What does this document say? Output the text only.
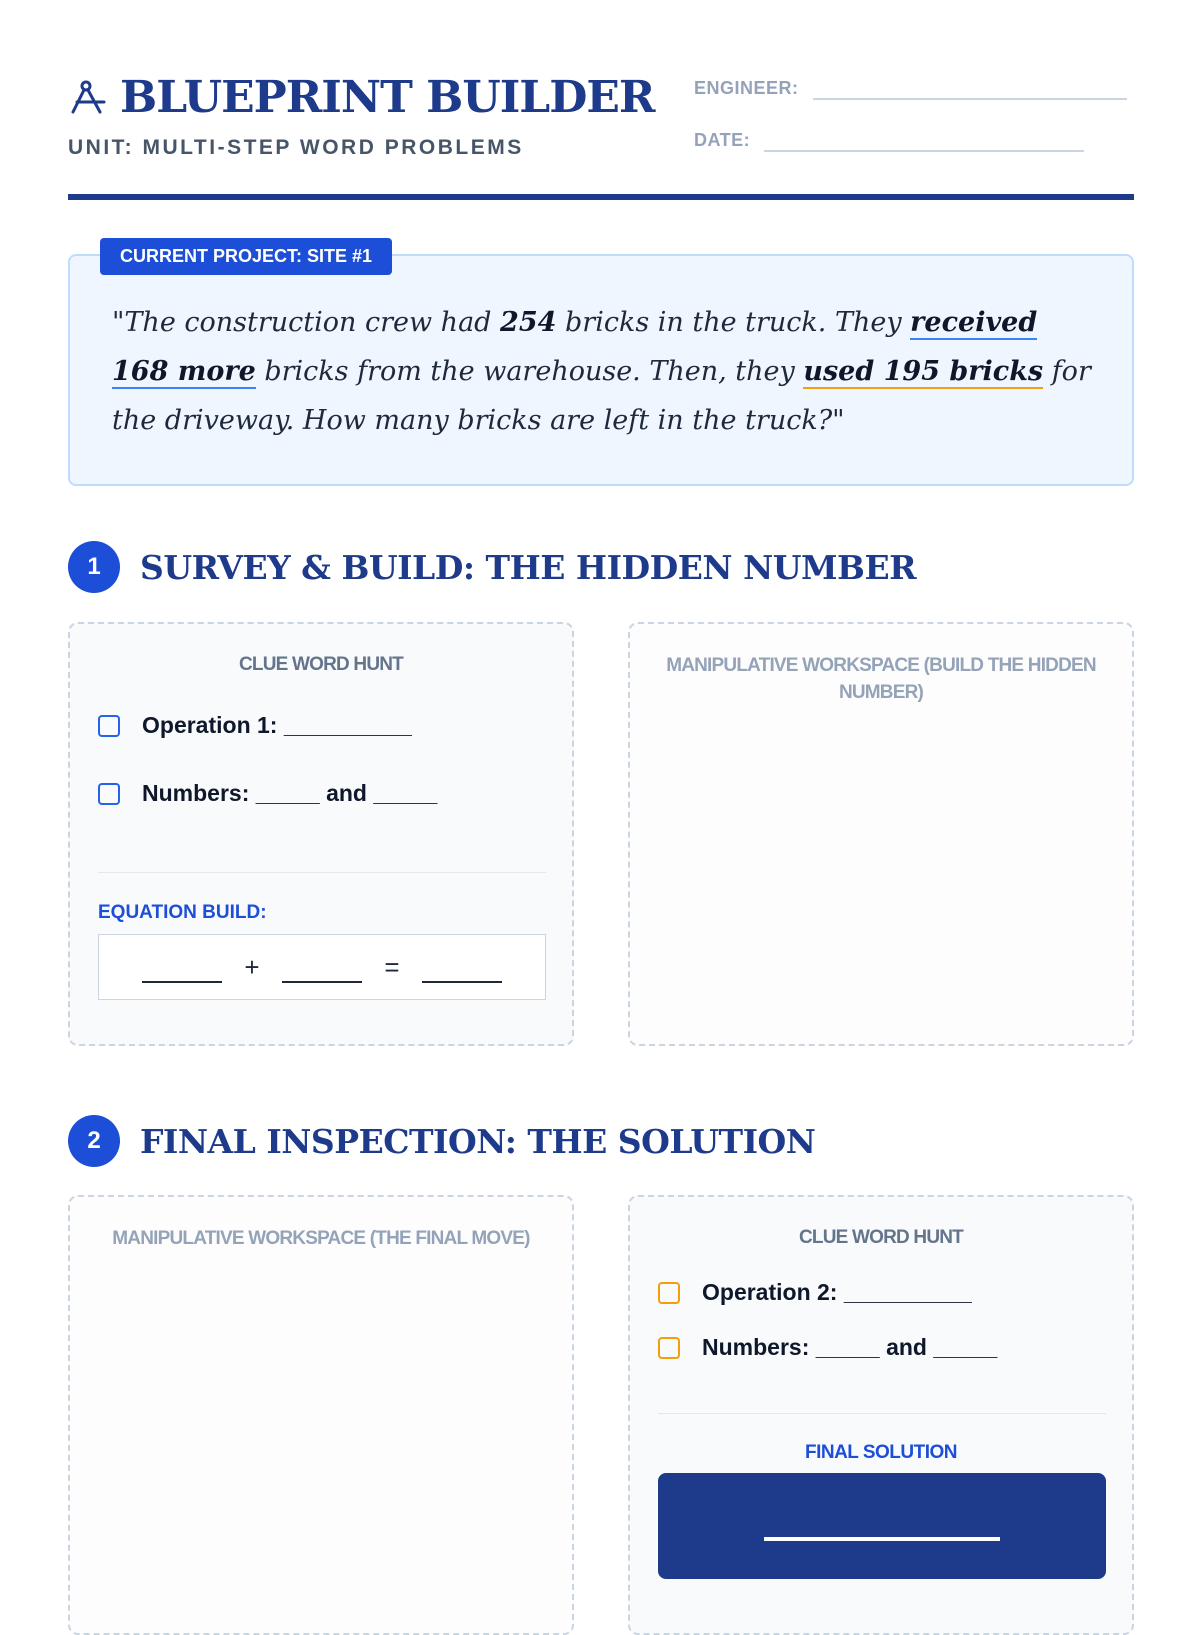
BLUEPRINT BUILDER
UNIT: MULTI-STEP WORD PROBLEMS
ENGINEER:
DATE:
CURRENT PROJECT: SITE #1
"The construction crew had 254 bricks in the truck. They received 168 more bricks from the warehouse. Then, they used 195 bricks for the driveway. How many bricks are left in the truck?"
1	SURVEY & BUILD: THE HIDDEN NUMBER
CLUE WORD HUNT
Operation 1: __________
Numbers: _____ and _____
EQUATION BUILD:
+	=
MANIPULATIVE WORKSPACE (BUILD THE HIDDEN NUMBER)
2	FINAL INSPECTION: THE SOLUTION
MANIPULATIVE WORKSPACE (THE FINAL MOVE)	CLUE WORD HUNT
Operation 2: __________
Numbers: _____ and _____
FINAL SOLUTION
